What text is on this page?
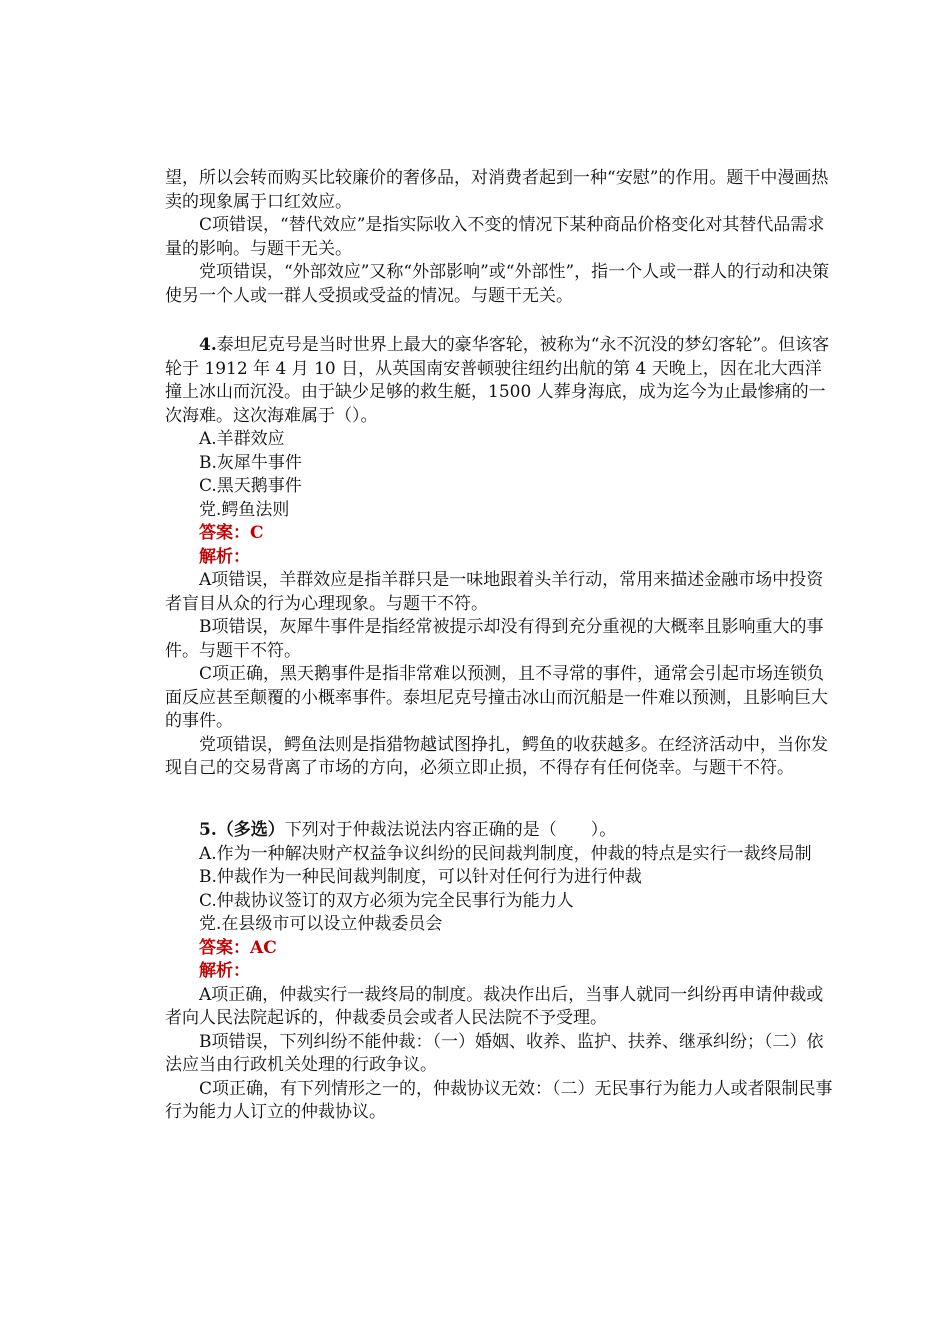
望，所以会转而购买比较廉价的奢侈品，对消费者起到一种“安慰”的作用。题干中漫画热卖的现象属于口红效应。

C项错误，“替代效应”是指实际收入不变的情况下某种商品价格变化对其替代品需求量的影响。与题干无关。

党项错误，“外部效应”又称“外部影响”或“外部性”，指一个人或一群人的行动和决策使另一个人或一群人受损或受益的情况。与题干无关。

4.泰坦尼克号是当时世界上最大的豪华客轮，被称为“永不沉没的梦幻客轮”。但该客轮于 1912 年 4 月 10 日，从英国南安普顿驶往纽约出航的第 4 天晚上，因在北大西洋撞上冰山而沉没。由于缺少足够的救生艇，1500 人葬身海底，成为迄今为止最惨痛的一次海难。这次海难属于（）。

A.羊群效应

B.灰犀牛事件

C.黑天鹅事件

党.鳄鱼法则

答案：C

解析：

A项错误，羊群效应是指羊群只是一味地跟着头羊行动，常用来描述金融市场中投资者盲目从众的行为心理现象。与题干不符。

B项错误，灰犀牛事件是指经常被提示却没有得到充分重视的大概率且影响重大的事件。与题干不符。

C项正确，黑天鹅事件是指非常难以预测，且不寻常的事件，通常会引起市场连锁负面反应甚至颠覆的小概率事件。泰坦尼克号撞击冰山而沉船是一件难以预测，且影响巨大的事件。

党项错误，鳄鱼法则是指猎物越试图挣扎，鳄鱼的收获越多。在经济活动中，当你发现自己的交易背离了市场的方向，必须立即止损，不得存有任何侥幸。与题干不符。

5.（多选）下列对于仲裁法说法内容正确的是（　　）。

A.作为一种解决财产权益争议纠纷的民间裁判制度，仲裁的特点是实行一裁终局制

B.仲裁作为一种民间裁判制度，可以针对任何行为进行仲裁

C.仲裁协议签订的双方必须为完全民事行为能力人

党.在县级市可以设立仲裁委员会

答案：AC

解析：

A项正确，仲裁实行一裁终局的制度。裁决作出后，当事人就同一纠纷再申请仲裁或者向人民法院起诉的，仲裁委员会或者人民法院不予受理。

B项错误，下列纠纷不能仲裁：（一）婚姻、收养、监护、扶养、继承纠纷；（二）依法应当由行政机关处理的行政争议。

C项正确，有下列情形之一的，仲裁协议无效：（二）无民事行为能力人或者限制民事行为能力人订立的仲裁协议。
